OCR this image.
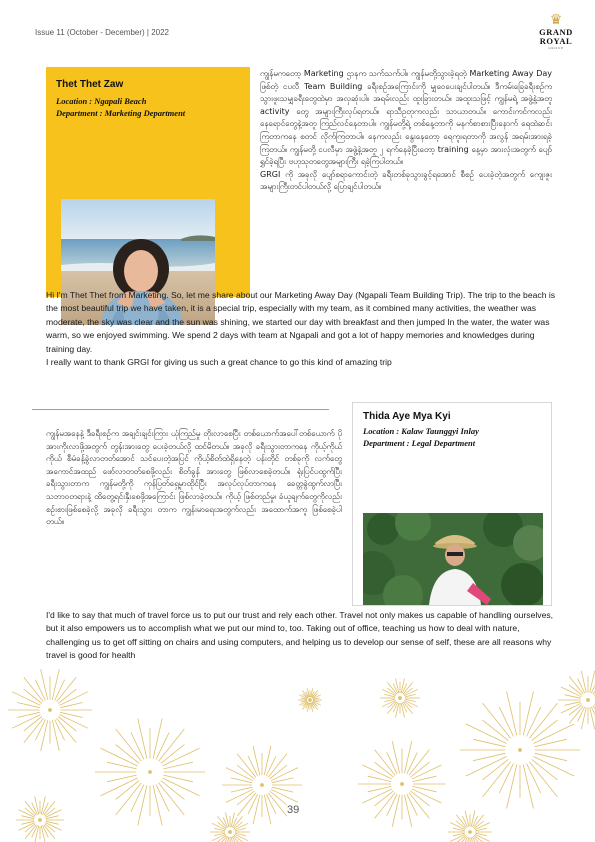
Issue 11 (October - December) | 2022
♛
GRAND
ROYAL
GROUP
Thet Thet Zaw
Location : Ngapali Beach
Department : Marketing Department
ကျွန်မကတော့ Marketing ဌာနက သက်သက်ပါ။ ကျွန်မတို့သွားခဲ့ရတဲ့ Marketing Away Day ဖြစ်တဲ့ ငပလီ Team Building ခရီးစဉ်အကြောင်းကို မျှဝေပေးချင်ပါတယ်။ ဒီကမ်းခြေခရီးစဉ်က သွားဖူးသမျှခရီးတွေထဲမှာ အလှဆုံးပါ။ အရမ်းလည်း ထူးခြားတယ်။ အထူးသဖြင့် ကျွန်မရဲ့ အဖွဲ့နဲ့အတူ activity တွေ အများကြီးလုပ်ရတယ်။ ရာသီဥတုကလည်း သာယာတယ်။ ကောင်းကင်ကလည်း နေရောင်တွေနဲ့အတူ ကြည်လင်နေတာပါ။ ကျွန်မတို့ရဲ့ တစ်နေ့တာကို မနက်စာစားပြီးနောက် ရေထဲဆင်းကြတာကနေ စတင် လိုက်ကြတာပါ။ နေကလည်း နွေးနေတော့ ရေကူးရတာကို အလွန် အရမ်းအားရခဲ့ကြတယ်။ ကျွန်မတို့ ငပလီမှာ အဖွဲ့နဲ့အတူ ၂ ရက်နေခဲ့ပြီးတော့ training နေ့မှာ အားလုံးအတွက် ပျော်ရွှင်ခဲ့ရပြီး ဗဟုသုတတွေအများကြီး ရခဲ့ကြပါတယ်။
GRGI ကို အခုလို ပျော်စရာကောင်းတဲ့ ခရီးတစ်ခုသွားခွင့်ရအောင် စီစဉ် ပေးခဲ့တဲ့အတွက် ကျေးဇူးအများကြီးတင်ပါတယ်လို့ ပြောချင်ပါတယ်။

Hi I'm Thet Thet from Marketing. So, let me share about our Marketing Away Day (Ngapali Team Building Trip). The trip to the beach is the most beautiful trip we have taken, it is a special trip, especially with my team, as it combined many activities, the weather was moderate, the sky was clear and the sun was shining, we started our day with breakfast and then jumped In the water, the water was warm, so we enjoyed swimming. We spend 2 days with team at Ngapali and got a lot of happy memories and knowledges during training day.

I really want to thank GRGI for giving us such a great chance to go this kind of amazing trip

Thida Aye Mya Kyi
Location : Kalaw Taunggyi Inlay
Department : Legal Department
ကျွန်မအနေနဲ့ ဒီခရီးစဉ်က အချင်းချင်းကြား ယုံကြည်မှု တိုးလာစေပြီး တစ်ယောက်အပေါ်တစ်ယောက် ပိုအားကိုးလာဖို့အတွက် တွန်းအားတွေ ပေးခဲ့တယ်လို့ ထင်မိတယ်။ အခုလို ခရီးသွားတာကနေ ကိုယ့်ကိုယ်ကိုယ် စီမံခန့်ခွဲလာတတ်အောင် သင်ပေးတဲ့အပြင် ကိုယ့်စိတ်ထဲရှိနေတဲ့ ပန်းတိုင် တစ်ခုကို လက်တွေ့အကောင်အထည် ဖော်လာတတ်စေဖို့လည်း စိတ်ခွန် အားတွေ ဖြစ်လာစေခဲ့တယ်။ ရုံးပြင်ပထွက်ပြီး ခရီးသွားတာက ကျွန်မတို့ကို ကုန်ပြတ်ရှေ့မှာထိုင်ပြီး အလုပ်လုပ်တာကနေ ခေတ္တခွဲထွက်လာပြီး သဘာဝတရားနဲ့ ထိတွေ့ရင်းနှီးစေဖို့အကြောင်း ဖြစ်လာခဲ့တယ်။ ကိုယ့် ဖြစ်တည်မှု၊ ခံယူချက်တွေကိုလည်း စဉ်းစားဖြစ်စေခဲ့လို့ အခုလို ခရီးသွား တာက ကျွန်းမာရေးအတွက်လည်း အထောက်အကူ ဖြစ်စေခဲ့ပါတယ်။

I'd like to say that much of travel force us to put our trust and rely each other. Travel not only makes us capable of handling ourselves, but it also empowers us to accomplish what we put our mind to, too. Taking out of office, teaching us how to deal with nature, challenging us to get off sitting on chairs and using computers, and helping us to develop our sense of self, these are all reasons why travel is good for health

39
